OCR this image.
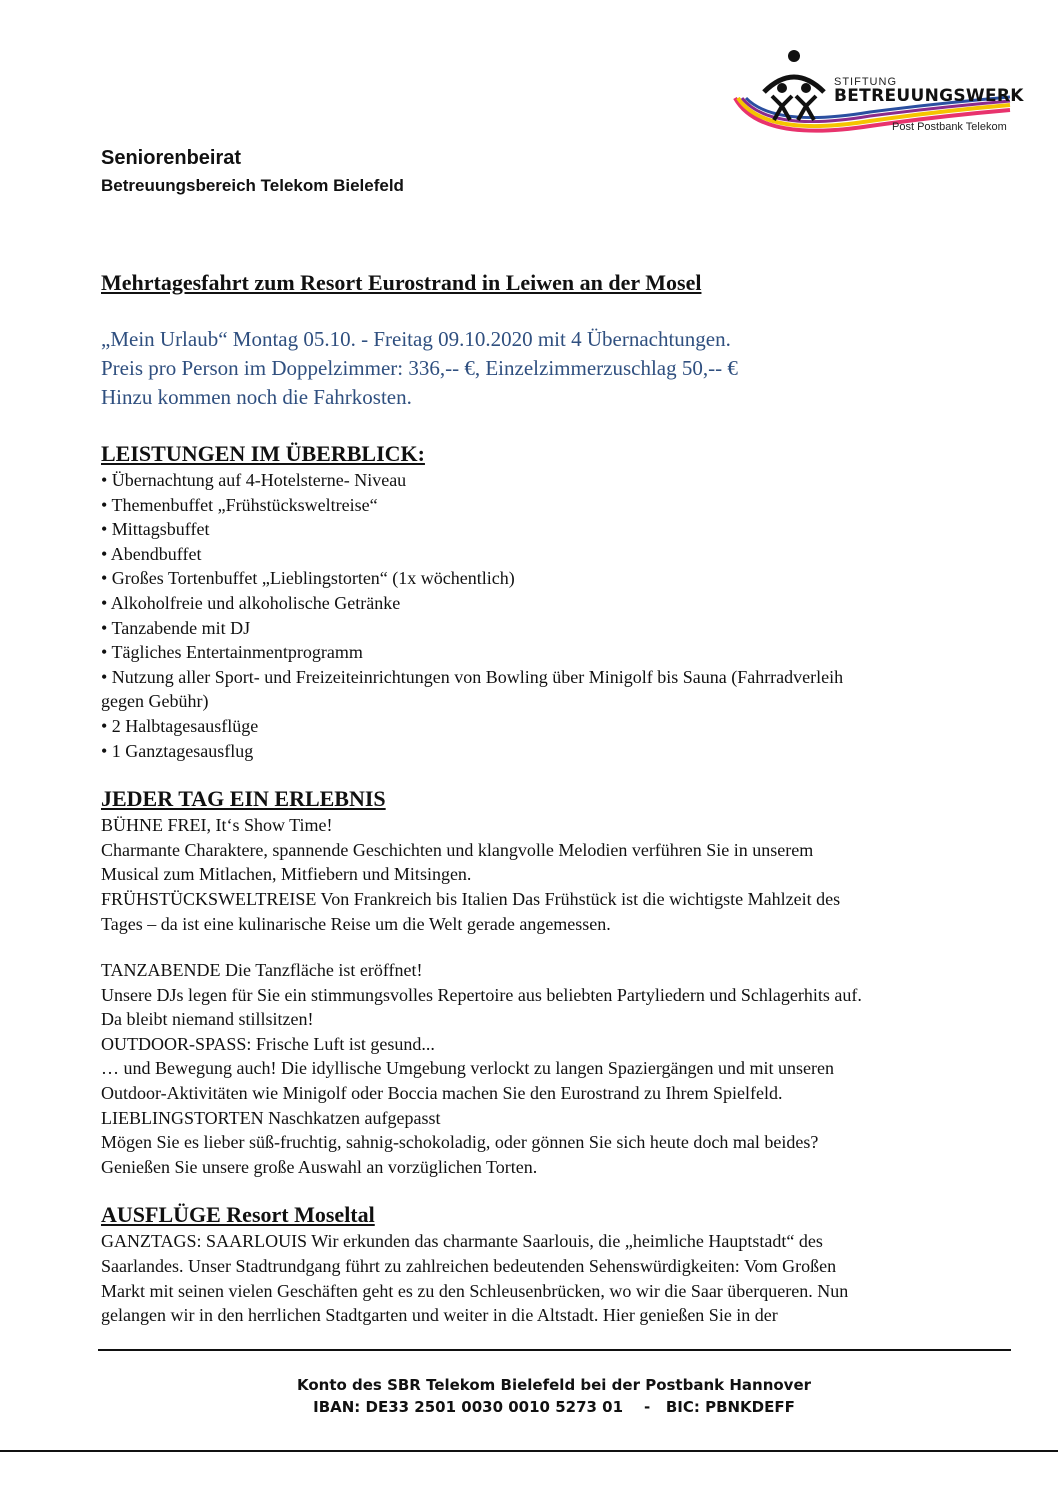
STIFTUNG
BETREUUNGSWERK
Post Postbank Telekom
Seniorenbeirat
Betreuungsbereich Telekom Bielefeld
Mehrtagesfahrt zum Resort Eurostrand in Leiwen an der Mosel
„Mein Urlaub“ Montag 05.10. - Freitag 09.10.2020 mit 4 Übernachtungen.
Preis pro Person im Doppelzimmer: 336,-- €, Einzelzimmerzuschlag 50,-- €
Hinzu kommen noch die Fahrkosten.
LEISTUNGEN IM ÜBERBLICK:
• Übernachtung auf 4-Hotelsterne- Niveau
• Themenbuffet „Frühstücksweltreise“
• Mittagsbuffet
• Abendbuffet
• Großes Tortenbuffet „Lieblingstorten“ (1x wöchentlich)
• Alkoholfreie und alkoholische Getränke
• Tanzabende mit DJ
• Tägliches Entertainmentprogramm
• Nutzung aller Sport- und Freizeiteinrichtungen von Bowling über Minigolf bis Sauna (Fahrradverleih
gegen Gebühr)
• 2 Halbtagesausflüge
• 1 Ganztagesausflug
JEDER TAG EIN ERLEBNIS
BÜHNE FREI, It‘s Show Time!
Charmante Charaktere, spannende Geschichten und klangvolle Melodien verführen Sie in unserem
Musical zum Mitlachen, Mitfiebern und Mitsingen.
FRÜHSTÜCKSWELTREISE Von Frankreich bis Italien Das Frühstück ist die wichtigste Mahlzeit des
Tages – da ist eine kulinarische Reise um die Welt gerade angemessen.
TANZABENDE Die Tanzfläche ist eröffnet!
Unsere DJs legen für Sie ein stimmungsvolles Repertoire aus beliebten Partyliedern und Schlagerhits auf.
Da bleibt niemand stillsitzen!
OUTDOOR-SPASS: Frische Luft ist gesund...
… und Bewegung auch! Die idyllische Umgebung verlockt zu langen Spaziergängen und mit unseren
Outdoor-Aktivitäten wie Minigolf oder Boccia machen Sie den Eurostrand zu Ihrem Spielfeld.
LIEBLINGSTORTEN Naschkatzen aufgepasst
Mögen Sie es lieber süß-fruchtig, sahnig-schokoladig, oder gönnen Sie sich heute doch mal beides?
Genießen Sie unsere große Auswahl an vorzüglichen Torten.
AUSFLÜGE Resort Moseltal
GANZTAGS: SAARLOUIS Wir erkunden das charmante Saarlouis, die „heimliche Hauptstadt“ des
Saarlandes. Unser Stadtrundgang führt zu zahlreichen bedeutenden Sehenswürdigkeiten: Vom Großen
Markt mit seinen vielen Geschäften geht es zu den Schleusenbrücken, wo wir die Saar überqueren. Nun
gelangen wir in den herrlichen Stadtgarten und weiter in die Altstadt. Hier genießen Sie in der
Konto des SBR Telekom Bielefeld bei der Postbank Hannover
IBAN: DE33 2501 0030 0010 5273 01    -   BIC: PBNKDEFF
